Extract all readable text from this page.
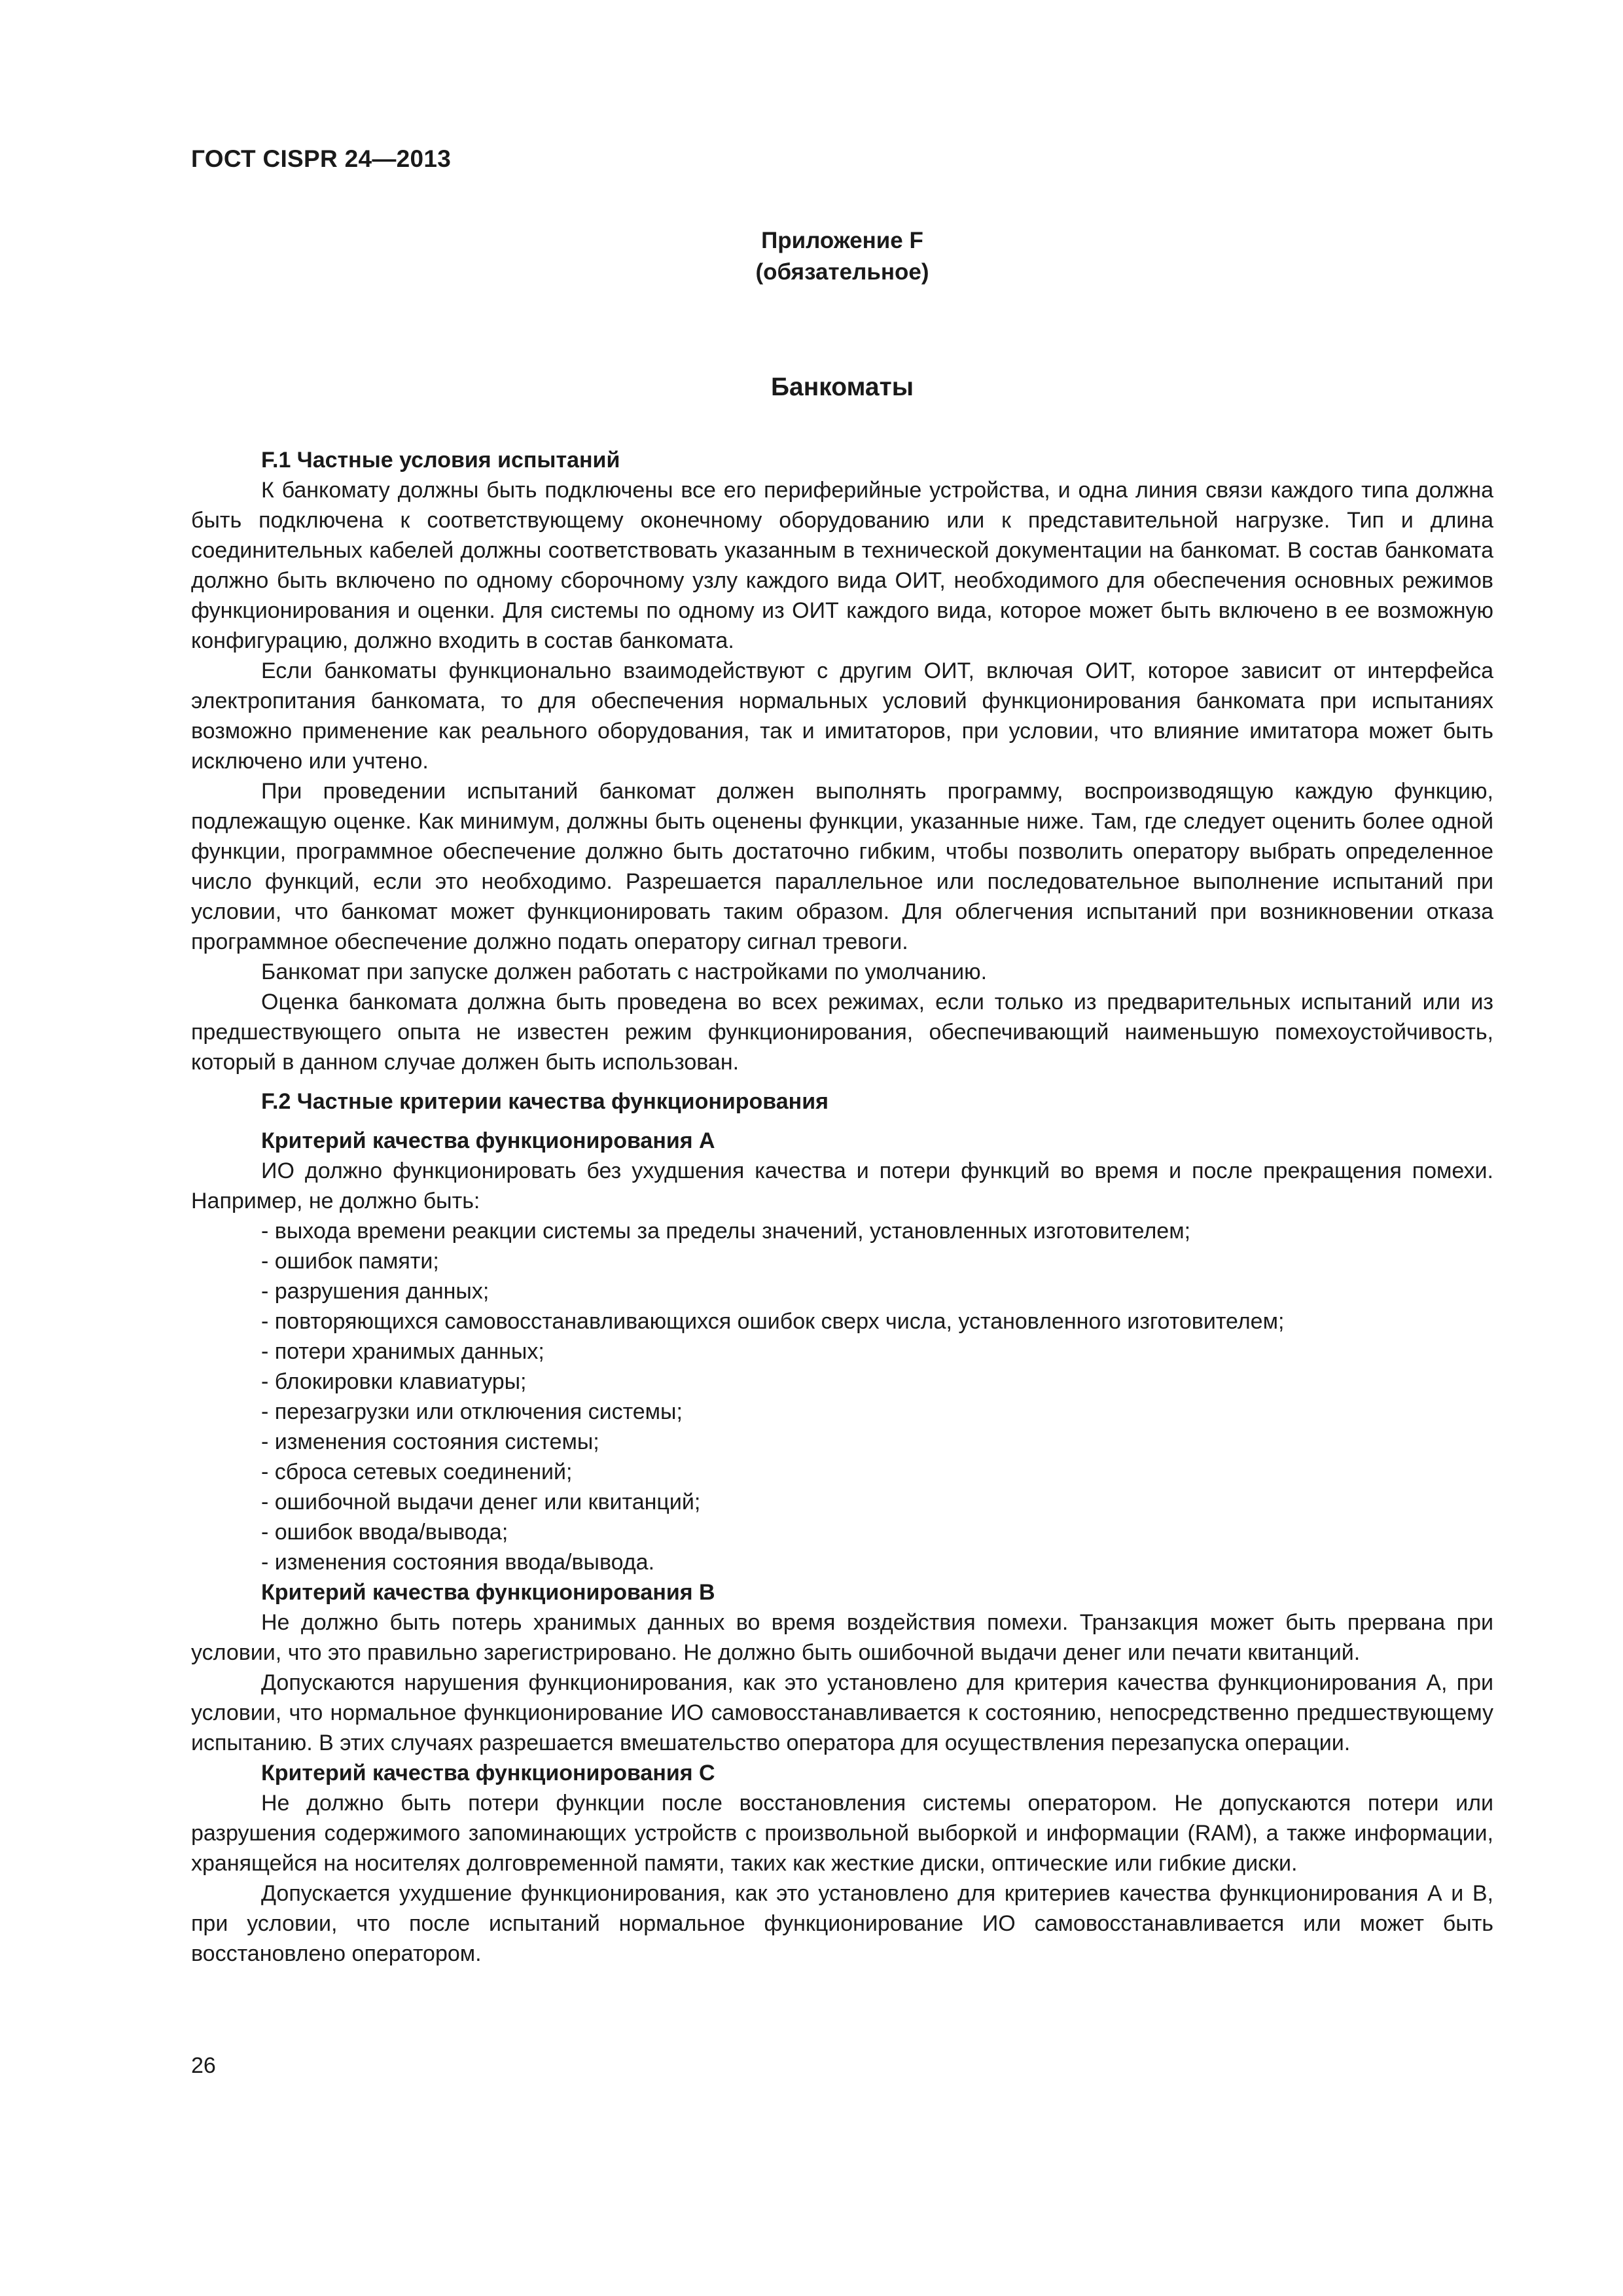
ГОСТ CISPR 24—2013
Приложение F
(обязательное)
Банкоматы
F.1 Частные условия испытаний

К банкомату должны быть подключены все его периферийные устройства, и одна линия связи каждого типа должна быть подключена к соответствующему оконечному оборудованию или к представительной нагрузке. Тип и длина соединительных кабелей должны соответствовать указанным в технической документации на банкомат. В состав банкомата должно быть включено по одному сборочному узлу каждого вида ОИТ, необходимого для обеспечения основных режимов функционирования и оценки. Для системы по одному из ОИТ каждого вида, которое может быть включено в ее возможную конфигурацию, должно входить в состав банкомата.

Если банкоматы функционально взаимодействуют с другим ОИТ, включая ОИТ, которое зависит от интерфейса электропитания банкомата, то для обеспечения нормальных условий функционирования банкомата при испытаниях возможно применение как реального оборудования, так и имитаторов, при условии, что влияние имитатора может быть исключено или учтено.

При проведении испытаний банкомат должен выполнять программу, воспроизводящую каждую функцию, подлежащую оценке. Как минимум, должны быть оценены функции, указанные ниже. Там, где следует оценить более одной функции, программное обеспечение должно быть достаточно гибким, чтобы позволить оператору выбрать определенное число функций, если это необходимо. Разрешается параллельное или последовательное выполнение испытаний при условии, что банкомат может функционировать таким образом. Для облегчения испытаний при возникновении отказа программное обеспечение должно подать оператору сигнал тревоги.

Банкомат при запуске должен работать с настройками по умолчанию.

Оценка банкомата должна быть проведена во всех режимах, если только из предварительных испытаний или из предшествующего опыта не известен режим функционирования, обеспечивающий наименьшую помехоустойчивость, который в данном случае должен быть использован.

F.2 Частные критерии качества функционирования
Критерий качества функционирования А

ИО должно функционировать без ухудшения качества и потери функций во время и после прекращения помехи. Например, не должно быть:

- выхода времени реакции системы за пределы значений, установленных изготовителем;
- ошибок памяти;
- разрушения данных;
- повторяющихся самовосстанавливающихся ошибок сверх числа, установленного изготовителем;
- потери хранимых данных;
- блокировки клавиатуры;
- перезагрузки или отключения системы;
- изменения состояния системы;
- сброса сетевых соединений;
- ошибочной выдачи денег или квитанций;
- ошибок ввода/вывода;
- изменения состояния ввода/вывода.
Критерий качества функционирования В

Не должно быть потерь хранимых данных во время воздействия помехи. Транзакция может быть прервана при условии, что это правильно зарегистрировано. Не должно быть ошибочной выдачи денег или печати квитанций.

Допускаются нарушения функционирования, как это установлено для критерия качества функционирования А, при условии, что нормальное функционирование ИО самовосстанавливается к состоянию, непосредственно предшествующему испытанию. В этих случаях разрешается вмешательство оператора для осуществления перезапуска операции.

Критерий качества функционирования С

Не должно быть потери функции после восстановления системы оператором. Не допускаются потери или разрушения содержимого запоминающих устройств с произвольной выборкой и информации (RAM), а также информации, хранящейся на носителях долговременной памяти, таких как жесткие диски, оптические или гибкие диски.

Допускается ухудшение функционирования, как это установлено для критериев качества функционирования А и В, при условии, что после испытаний нормальное функционирование ИО самовосстанавливается или может быть восстановлено оператором.

26
